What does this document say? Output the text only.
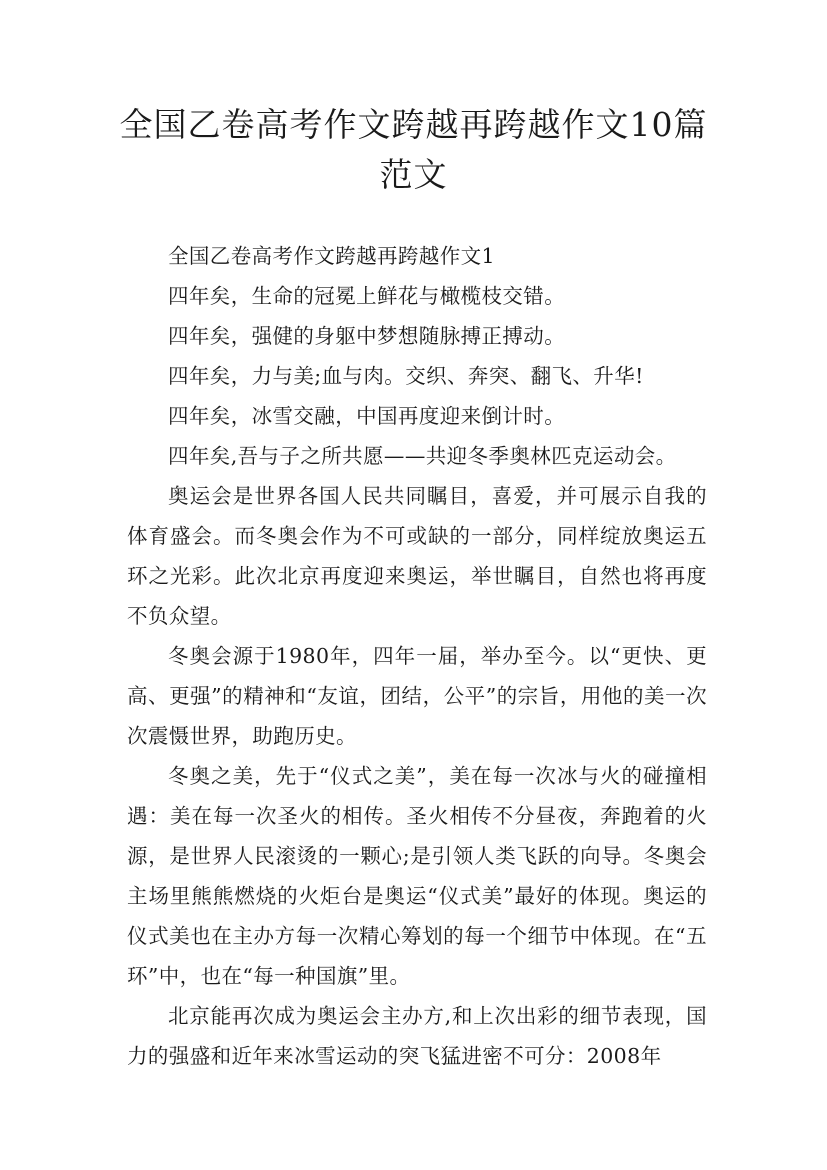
全国乙卷高考作文跨越再跨越作文10篇范文

全国乙卷高考作文跨越再跨越作文1

四年矣，生命的冠冕上鲜花与橄榄枝交错。

四年矣，强健的身躯中梦想随脉搏正搏动。

四年矣，力与美;血与肉。交织、奔突、翻飞、升华!

四年矣，冰雪交融，中国再度迎来倒计时。

四年矣,吾与子之所共愿——共迎冬季奥林匹克运动会。

奥运会是世界各国人民共同瞩目，喜爱，并可展示自我的体育盛会。而冬奥会作为不可或缺的一部分，同样绽放奥运五环之光彩。此次北京再度迎来奥运，举世瞩目，自然也将再度不负众望。

冬奥会源于1980年，四年一届，举办至今。以“更快、更高、更强”的精神和“友谊，团结，公平”的宗旨，用他的美一次次震慑世界，助跑历史。

冬奥之美，先于“仪式之美”，美在每一次冰与火的碰撞相遇：美在每一次圣火的相传。圣火相传不分昼夜，奔跑着的火源，是世界人民滚烫的一颗心;是引领人类飞跃的向导。冬奥会主场里熊熊燃烧的火炬台是奥运“仪式美”最好的体现。奥运的仪式美也在主办方每一次精心筹划的每一个细节中体现。在“五环”中，也在“每一种国旗”里。

北京能再次成为奥运会主办方,和上次出彩的细节表现，国力的强盛和近年来冰雪运动的突飞猛进密不可分：2008年
